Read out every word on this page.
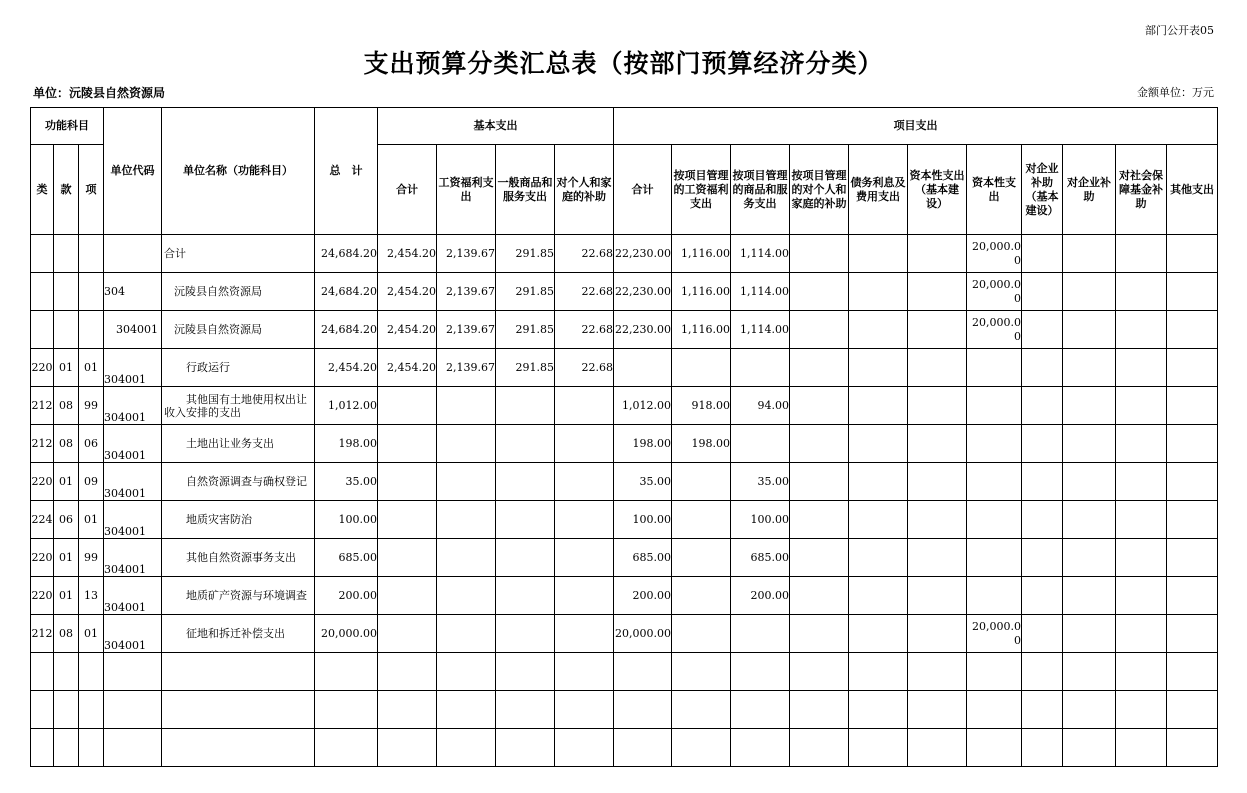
部门公开表05
支出预算分类汇总表（按部门预算经济分类）
单位：沅陵县自然资源局	金额单位：万元
功能科目			单位代码	单位名称（功能科目）	总　计	基本支出				项目支出										
类	款	项				合计	工资福利支出	一般商品和服务支出	对个人和家庭的补助	合计	按项目管理的工资福利支出	按项目管理的商品和服务支出	按项目管理的对个人和家庭的补助	债务利息及费用支出	资本性支出（基本建设）	资本性支出	对企业补助（基本建设）	对企业补助	对社会保障基金补助	其他支出
				合计	24,684.20	2,454.20	2,139.67	291.85	22.68	22,230.00	1,116.00	1,114.00				20,000.00				
			304	沅陵县自然资源局	24,684.20	2,454.20	2,139.67	291.85	22.68	22,230.00	1,116.00	1,114.00				20,000.00				
			304001	沅陵县自然资源局	24,684.20	2,454.20	2,139.67	291.85	22.68	22,230.00	1,116.00	1,114.00				20,000.00				
220	01	01	304001	行政运行	2,454.20	2,454.20	2,139.67	291.85	22.68											
212	08	99	304001	其他国有土地使用权出让收入安排的支出	1,012.00					1,012.00	918.00	94.00								
212	08	06	304001	土地出让业务支出	198.00					198.00	198.00									
220	01	09	304001	自然资源调查与确权登记	35.00					35.00		35.00								
224	06	01	304001	地质灾害防治	100.00					100.00		100.00								
220	01	99	304001	其他自然资源事务支出	685.00					685.00		685.00								
220	01	13	304001	地质矿产资源与环境调查	200.00					200.00		200.00								
212	08	01	304001	征地和拆迁补偿支出	20,000.00					20,000.00						20,000.00				
